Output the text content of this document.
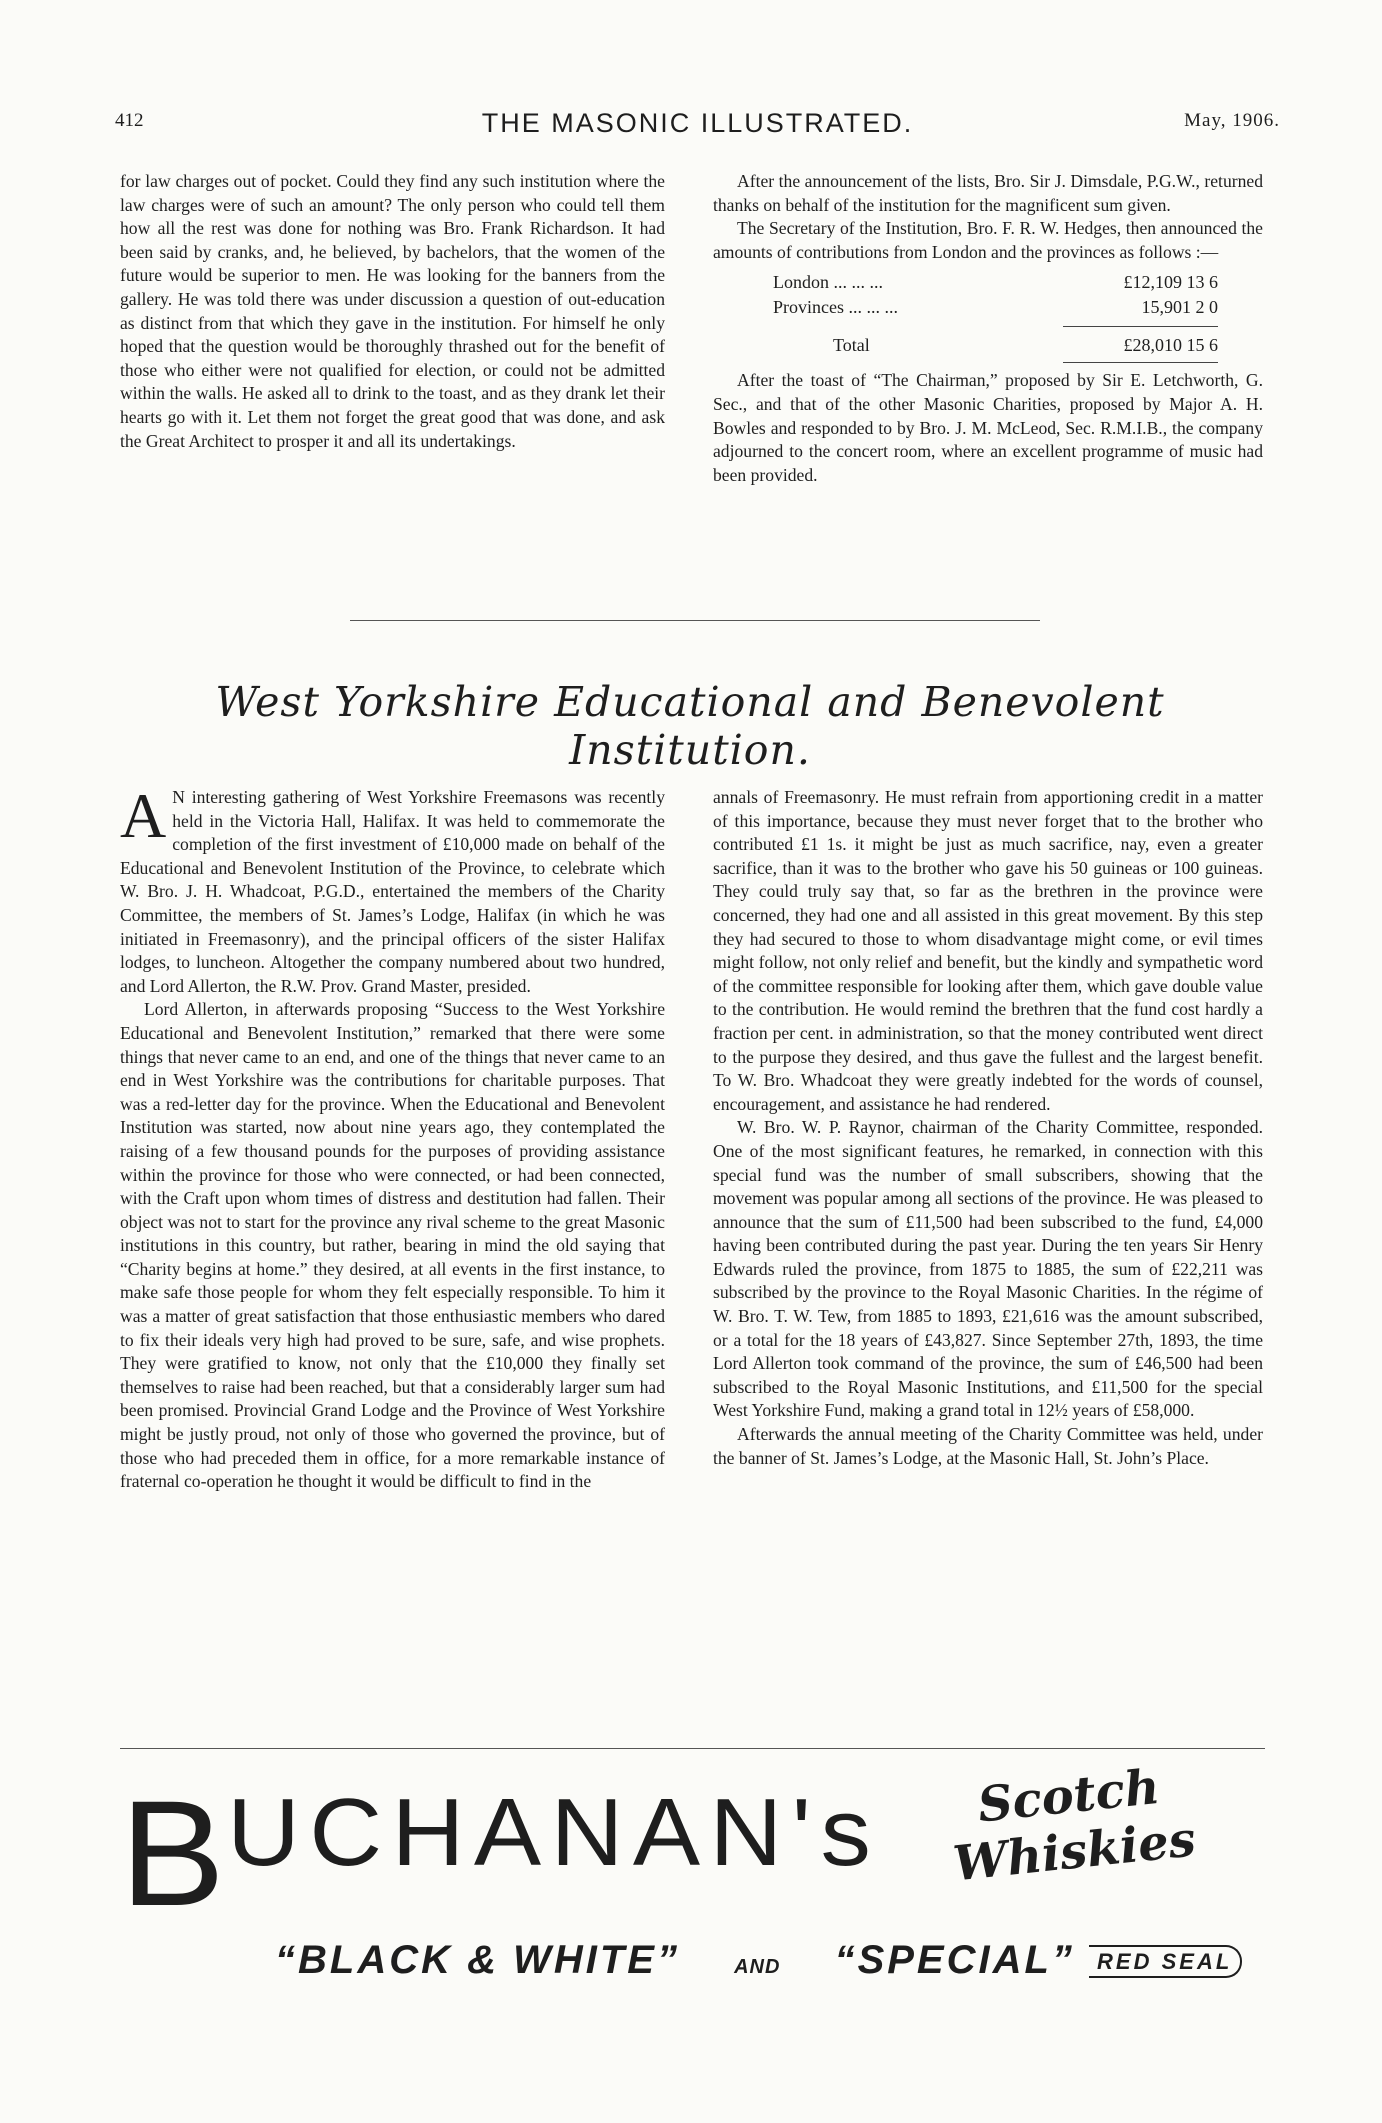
412	THE MASONIC ILLUSTRATED.	May, 1906.

for law charges out of pocket. Could they find any such institution where the law charges were of such an amount? The only person who could tell them how all the rest was done for nothing was Bro. Frank Richardson. It had been said by cranks, and, he believed, by bachelors, that the women of the future would be superior to men. He was looking for the banners from the gallery. He was told there was under discussion a question of out-education as distinct from that which they gave in the institution. For himself he only hoped that the question would be thoroughly thrashed out for the benefit of those who either were not qualified for election, or could not be admitted within the walls. He asked all to drink to the toast, and as they drank let their hearts go with it. Let them not forget the great good that was done, and ask the Great Architect to prosper it and all its undertakings.

After the announcement of the lists, Bro. Sir J. Dimsdale, P.G.W., returned thanks on behalf of the institution for the magnificent sum given.

The Secretary of the Institution, Bro. F. R. W. Hedges, then announced the amounts of contributions from London and the provinces as follows :—

London ... ... ...	£12,109 13 6
Provinces ... ... ...	15,901 2 0
Total	£28,010 15 6

After the toast of “The Chairman,” proposed by Sir E. Letchworth, G. Sec., and that of the other Masonic Charities, proposed by Major A. H. Bowles and responded to by Bro. J. M. McLeod, Sec. R.M.I.B., the company adjourned to the concert room, where an excellent programme of music had been provided.

West Yorkshire Educational and Benevolent Institution.

A N interesting gathering of West Yorkshire Freemasons was recently held in the Victoria Hall, Halifax. It was held to commemorate the completion of the first investment of £10,000 made on behalf of the Educational and Benevolent Institution of the Province, to celebrate which W. Bro. J. H. Whadcoat, P.G.D., entertained the members of the Charity Committee, the members of St. James’s Lodge, Halifax (in which he was initiated in Freemasonry), and the principal officers of the sister Halifax lodges, to luncheon. Altogether the company numbered about two hundred, and Lord Allerton, the R.W. Prov. Grand Master, presided.

Lord Allerton, in afterwards proposing “Success to the West Yorkshire Educational and Benevolent Institution,” remarked that there were some things that never came to an end, and one of the things that never came to an end in West Yorkshire was the contributions for charitable purposes. That was a red-letter day for the province. When the Educational and Benevolent Institution was started, now about nine years ago, they contemplated the raising of a few thousand pounds for the purposes of providing assistance within the province for those who were connected, or had been connected, with the Craft upon whom times of distress and destitution had fallen. Their object was not to start for the province any rival scheme to the great Masonic institutions in this country, but rather, bearing in mind the old saying that “Charity begins at home.” they desired, at all events in the first instance, to make safe those people for whom they felt especially responsible. To him it was a matter of great satisfaction that those enthusiastic members who dared to fix their ideals very high had proved to be sure, safe, and wise prophets. They were gratified to know, not only that the £10,000 they finally set themselves to raise had been reached, but that a considerably larger sum had been promised. Provincial Grand Lodge and the Province of West Yorkshire might be justly proud, not only of those who governed the province, but of those who had preceded them in office, for a more remarkable instance of fraternal co-operation he thought it would be difficult to find in the

annals of Freemasonry. He must refrain from apportioning credit in a matter of this importance, because they must never forget that to the brother who contributed £1 1s. it might be just as much sacrifice, nay, even a greater sacrifice, than it was to the brother who gave his 50 guineas or 100 guineas. They could truly say that, so far as the brethren in the province were concerned, they had one and all assisted in this great movement. By this step they had secured to those to whom disadvantage might come, or evil times might follow, not only relief and benefit, but the kindly and sympathetic word of the committee responsible for looking after them, which gave double value to the contribution. He would remind the brethren that the fund cost hardly a fraction per cent. in administration, so that the money contributed went direct to the purpose they desired, and thus gave the fullest and the largest benefit. To W. Bro. Whadcoat they were greatly indebted for the words of counsel, encouragement, and assistance he had rendered.

W. Bro. W. P. Raynor, chairman of the Charity Committee, responded. One of the most significant features, he remarked, in connection with this special fund was the number of small subscribers, showing that the movement was popular among all sections of the province. He was pleased to announce that the sum of £11,500 had been subscribed to the fund, £4,000 having been contributed during the past year. During the ten years Sir Henry Edwards ruled the province, from 1875 to 1885, the sum of £22,211 was subscribed by the province to the Royal Masonic Charities. In the régime of W. Bro. T. W. Tew, from 1885 to 1893, £21,616 was the amount subscribed, or a total for the 18 years of £43,827. Since September 27th, 1893, the time Lord Allerton took command of the province, the sum of £46,500 had been subscribed to the Royal Masonic Institutions, and £11,500 for the special West Yorkshire Fund, making a grand total in 12½ years of £58,000.

Afterwards the annual meeting of the Charity Committee was held, under the banner of St. James’s Lodge, at the Masonic Hall, St. John’s Place.

BUCHANAN's	Scotch
Whiskies
“BLACK & WHITE”	AND “SPECIAL” RED SEAL
